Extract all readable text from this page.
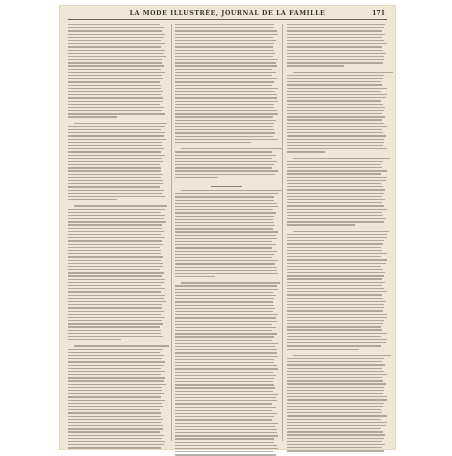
LA MODE ILLUSTRÉE, JOURNAL DE LA FAMILLE	171
